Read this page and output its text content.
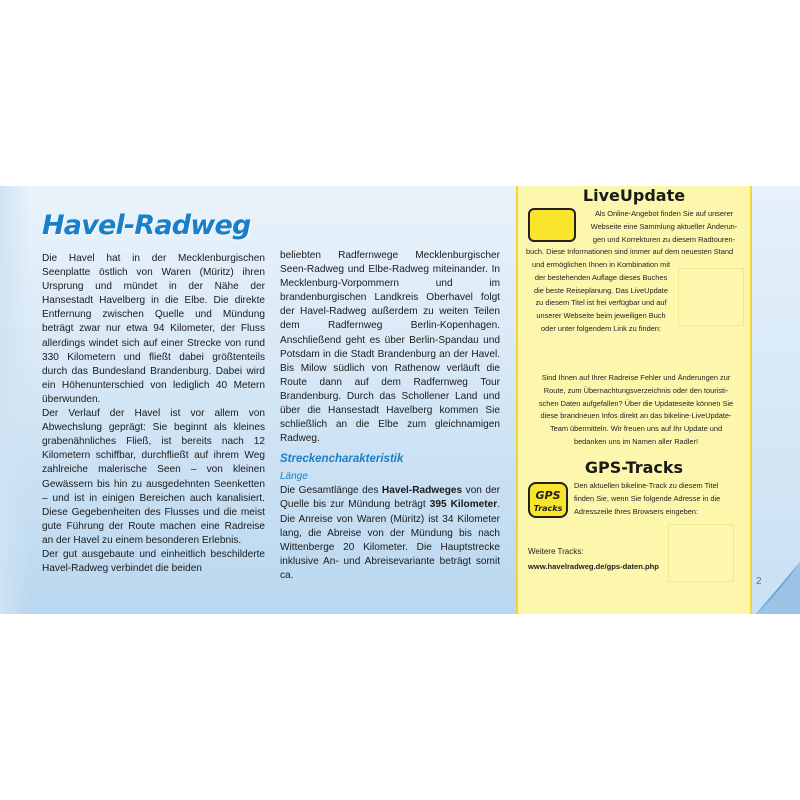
Havel-Radweg

Die Havel hat in der Mecklenburgischen Seenplatte östlich von Waren (Müritz) ihren Ursprung und mündet in der Nähe der Hansestadt Havelberg in die Elbe. Die direkte Entfernung zwischen Quelle und Mündung beträgt zwar nur etwa 94 Kilometer, der Fluss allerdings windet sich auf einer Strecke von rund 330 Kilometern und fließt dabei größtenteils durch das Bundesland Brandenburg. Dabei wird ein Höhenunterschied von lediglich 40 Metern überwunden.

Der Verlauf der Havel ist vor allem von Abwechslung geprägt: Sie beginnt als kleines grabenähnliches Fließ, ist bereits nach 12 Kilometern schiffbar, durchfließt auf ihrem Weg zahlreiche malerische Seen – von kleinen Gewässern bis hin zu ausgedehnten Seenketten – und ist in einigen Bereichen auch kanalisiert. Diese Gegebenheiten des Flusses und die meist gute Führung der Route machen eine Radreise an der Havel zu einem besonderen Erlebnis.

Der gut ausgebaute und einheitlich beschilderte Havel-Radweg verbindet die beiden

beliebten Radfernwege Mecklenburgischer Seen-Radweg und Elbe-Radweg miteinander. In Mecklenburg-Vorpommern und im brandenburgischen Landkreis Oberhavel folgt der Havel-Radweg außerdem zu weiten Teilen dem Radfernweg Berlin-Kopenhagen. Anschließend geht es über Berlin-Spandau und Potsdam in die Stadt Brandenburg an der Havel. Bis Milow südlich von Rathenow verläuft die Route dann auf dem Radfernweg Tour Brandenburg. Durch das Schollener Land und über die Hansestadt Havelberg kommen Sie schließlich an die Elbe zum gleichnamigen Radweg.

Streckencharakteristik
Länge

Die Gesamtlänge des Havel-Radweges von der Quelle bis zur Mündung beträgt 395 Kilometer. Die Anreise von Waren (Müritz) ist 34 Kilometer lang, die Abreise von der Mündung bis nach Wittenberge 20 Kilometer. Die Hauptstrecke inklusive An- und Abreisevariante beträgt somit ca.

LiveUpdate
Als Online-Angebot finden Sie auf unserer
Webseite eine Sammlung aktueller Änderun-
gen und Korrekturen zu diesem Radtouren-
buch. Diese Informationen sind immer auf dem neuesten Stand
und ermöglichen Ihnen in Kombination mit
der bestehenden Auflage dieses Buches
die beste Reiseplanung. Das LiveUpdate
zu diesem Titel ist frei verfügbar und auf
unserer Webseite beim jeweiligen Buch
oder unter folgendem Link zu finden:
Sind Ihnen auf Ihrer Radreise Fehler und Änderungen zur
Route, zum Übernachtungsverzeichnis oder den touristi-
schen Daten aufgefallen? Über die Updateseite können Sie
diese brandneuen Infos direkt an das bikeline-LiveUpdate-
Team übermitteln. Wir freuen uns auf Ihr Update und
bedanken uns im Namen aller Radler!
GPS-Tracks
GPS
Tracks
Den aktuellen bikeline-Track zu diesem Titel
finden Sie, wenn Sie folgende Adresse in die
Adresszeile Ihres Browsers eingeben:
Weitere Tracks:
www.havelradweg.de/gps-daten.php
2
